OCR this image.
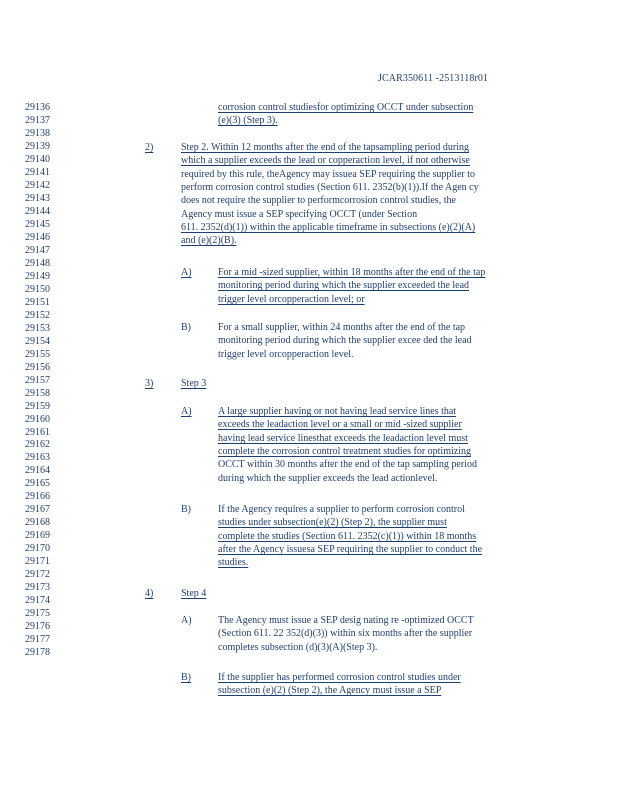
JCAR350611 -2513118r01
29136
29137
29138
29139
29140
29141
29142
29143
29144
29145
29146
29147
29148
29149
29150
29151
29152
29153
29154
29155
29156
29157
29158
29159
29160
29161
29162
29163
29164
29165
29166
29167
29168
29169
29170
29171
29172
29173
29174
29175
29176
29177
29178
corrosion control studiesfor optimizing OCCT under subsection
(e)(3) (Step 3).
2)	Step 2. Within 12 months after the end of the tapsampling period during
which a supplier exceeds the lead or copperaction level, if not otherwise
required by this rule, theAgency may issuea SEP requiring the supplier to
perform corrosion control studies (Section 611. 2352(b)(1)).If the Agen cy
does not require the supplier to performcorrosion control studies, the
Agency must issue a SEP specifying OCCT (under Section
611. 2352(d)(1)) within the applicable timeframe in subsections (e)(2)(A)
and (e)(2)(B).
A)	For a mid -sized supplier, within 18 months after the end of the tap
monitoring period during which the supplier exceeded the lead
trigger level orcopperaction level; or
B)	For a small supplier, within 24 months after the end of the tap
monitoring period during which the supplier excee ded the lead
trigger level orcopperaction level.
3)	Step 3
A)	A large supplier having or not having lead service lines that
exceeds the leadaction level or a small or mid -sized supplier
having lead service linesthat exceeds the leadaction level must
complete the corrosion control treatment studies for optimizing
OCCT within 30 months after the end of the tap sampling period
during which the supplier exceeds the lead actionlevel.
B)	If the Agency requires a supplier to perform corrosion control
studies under subsection(e)(2) (Step 2), the supplier must
complete the studies (Section 611. 2352(c)(1)) within 18 months
after the Agency issuesa SEP requiring the supplier to conduct the
studies.
4)	Step 4
A)	The Agency must issue a SEP desig nating re -optimized OCCT
(Section 611. 22 352(d)(3)) within six months after the supplier
completes subsection (d)(3)(A)(Step 3).
B)	If the supplier has performed corrosion control studies under
subsection (e)(2) (Step 2), the Agency must issue a SEP
